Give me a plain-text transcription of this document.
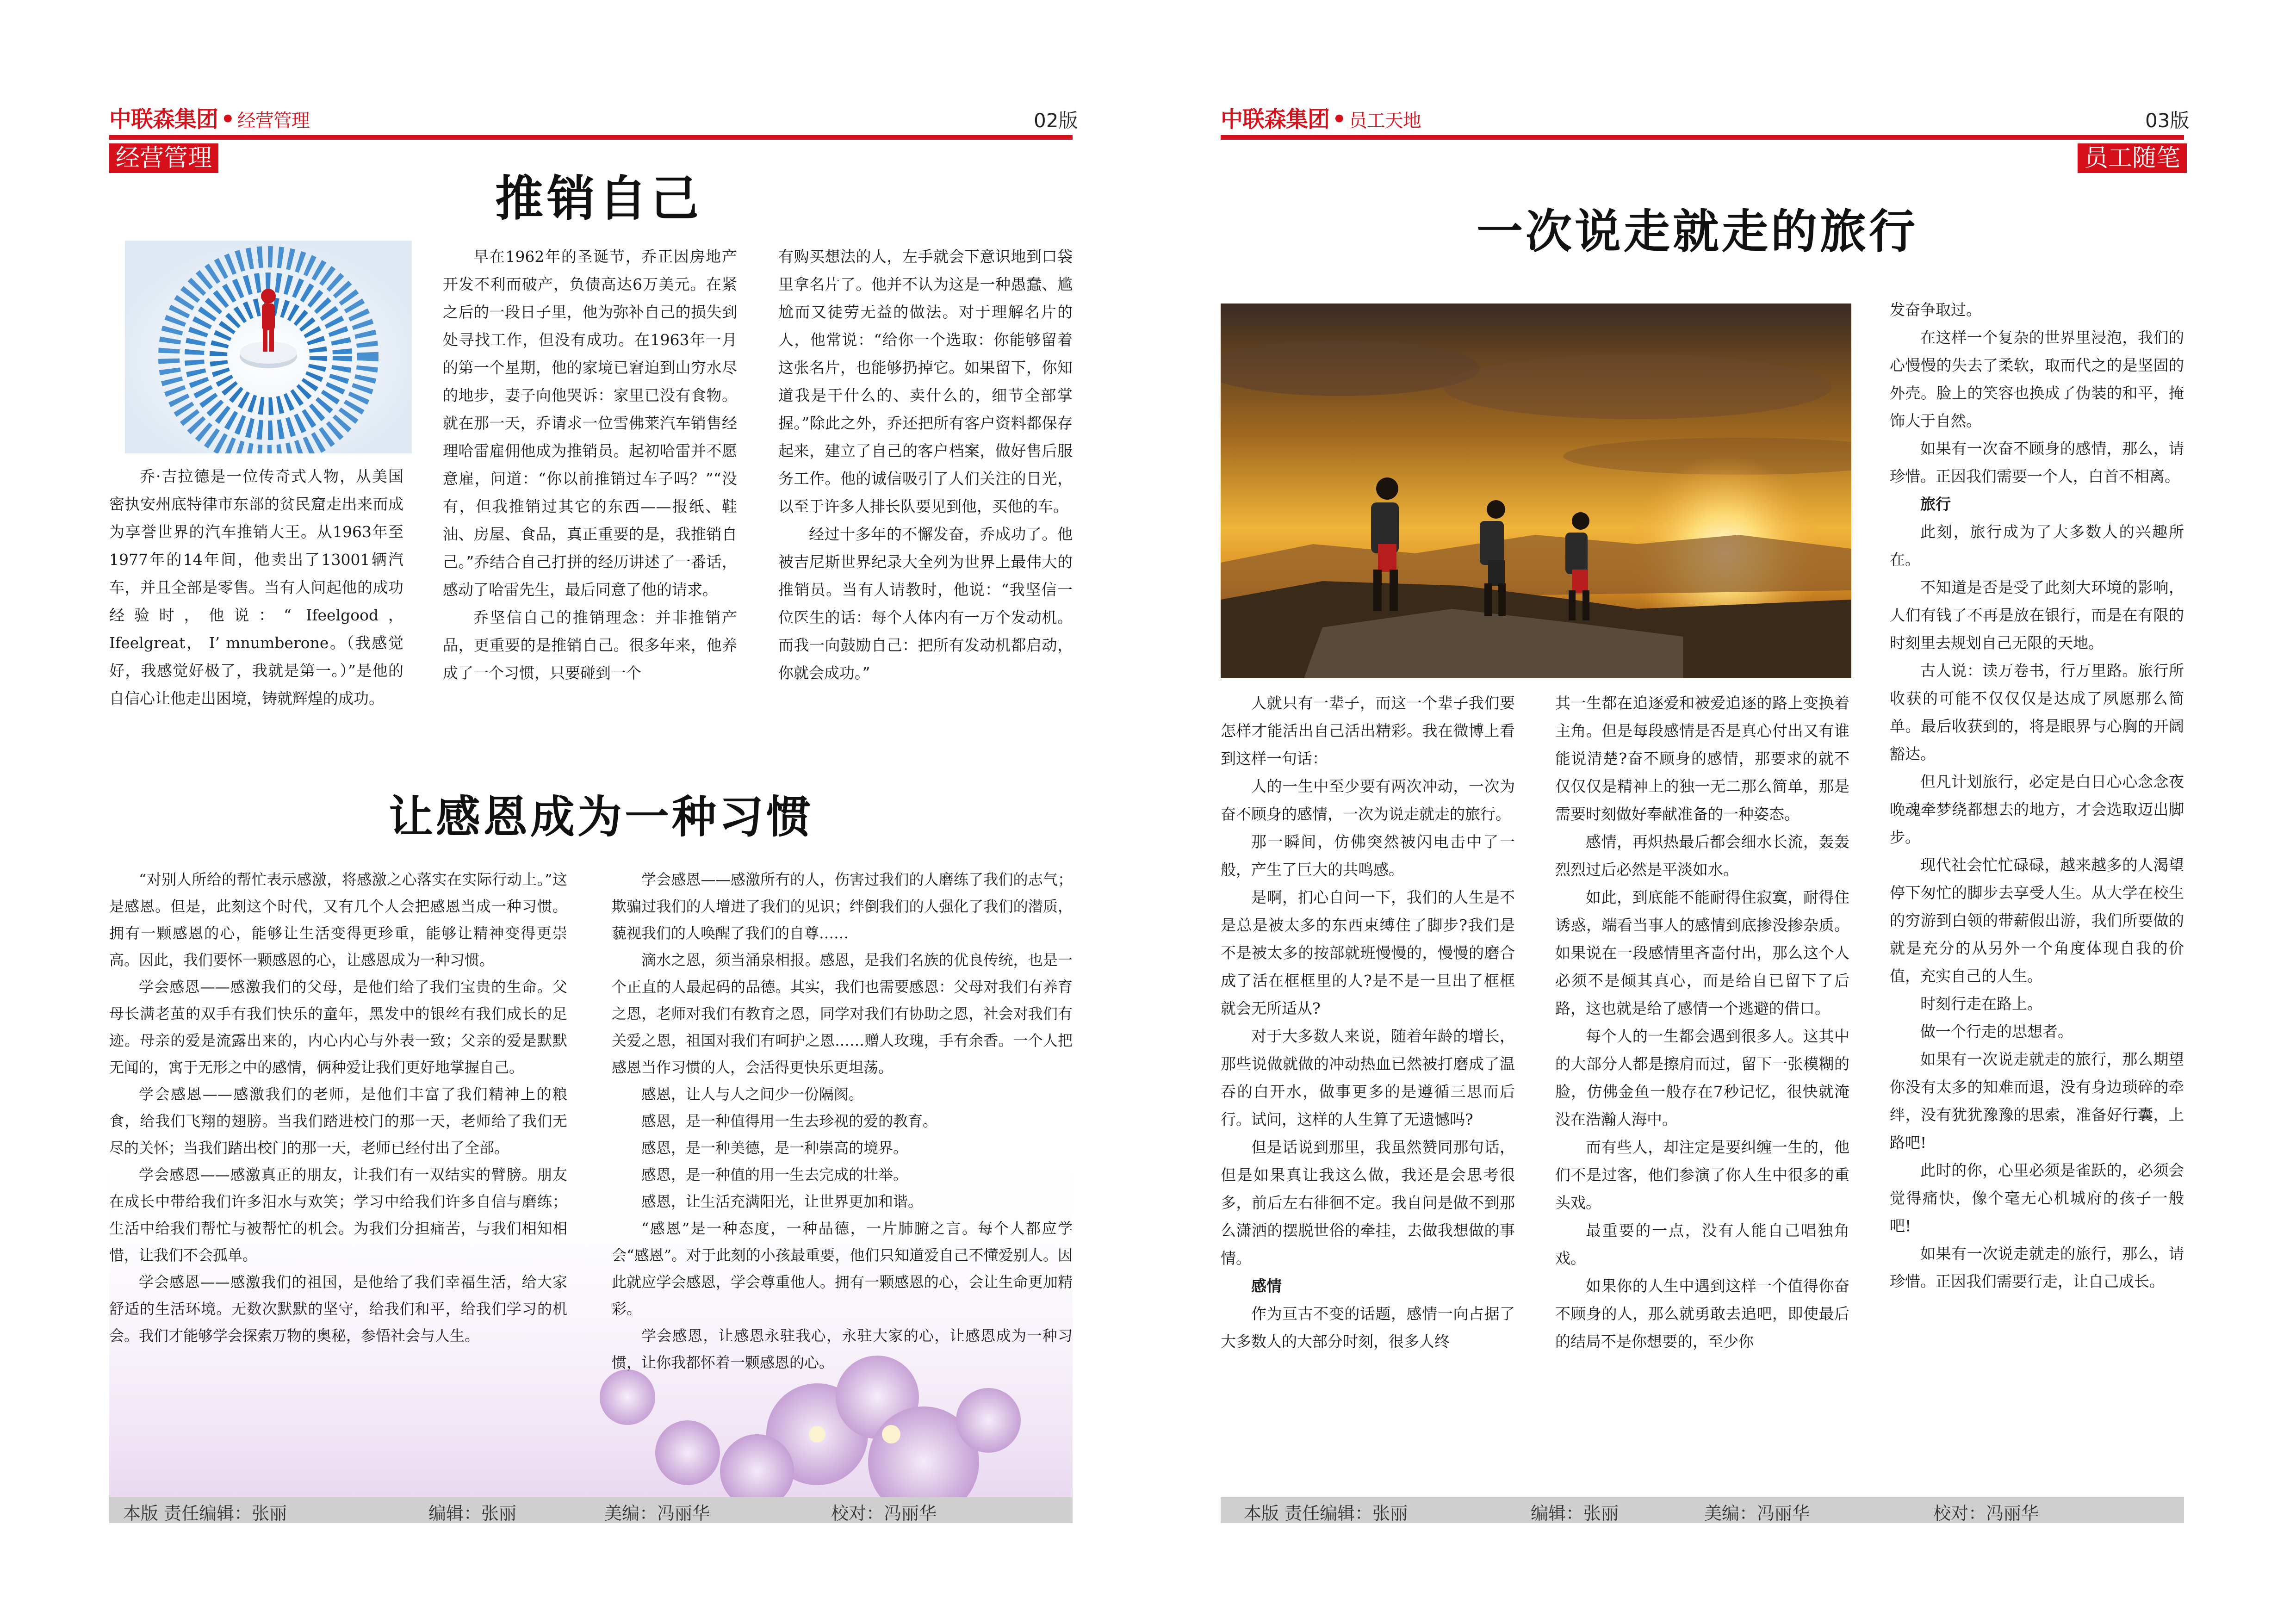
中联森集团 • 经营管理	02版
经营管理
推销自己

乔·吉拉德是一位传奇式人物，从美国密执安州底特律市东部的贫民窟走出来而成为享誉世界的汽车推销大王。从1963年至1977年的14年间，他卖出了13001辆汽车，并且全部是零售。当有人问起他的成功经验时，他说：“ Ifeelgood， Ifeelgreat， I’ mnumberone。（我感觉好，我感觉好极了，我就是第一。）”是他的自信心让他走出困境，铸就辉煌的成功。

早在1962年的圣诞节，乔正因房地产开发不利而破产，负债高达6万美元。在紧之后的一段日子里，他为弥补自己的损失到处寻找工作，但没有成功。在1963年一月的第一个星期，他的家境已窘迫到山穷水尽的地步，妻子向他哭诉：家里已没有食物。就在那一天，乔请求一位雪佛莱汽车销售经理哈雷雇佣他成为推销员。起初哈雷并不愿意雇，问道：“你以前推销过车子吗？”“没有，但我推销过其它的东西——报纸、鞋油、房屋、食品，真正重要的是，我推销自己。”乔结合自己打拼的经历讲述了一番话，感动了哈雷先生，最后同意了他的请求。

乔坚信自己的推销理念：并非推销产品，更重要的是推销自己。很多年来，他养成了一个习惯，只要碰到一个

有购买想法的人，左手就会下意识地到口袋里拿名片了。他并不认为这是一种愚蠢、尴尬而又徒劳无益的做法。对于理解名片的人，他常说：“给你一个选取：你能够留着这张名片，也能够扔掉它。如果留下，你知道我是干什么的、卖什么的，细节全部掌握。”除此之外，乔还把所有客户资料都保存起来，建立了自己的客户档案，做好售后服务工作。他的诚信吸引了人们关注的目光，以至于许多人排长队要见到他，买他的车。

经过十多年的不懈发奋，乔成功了。他被吉尼斯世界纪录大全列为世界上最伟大的推销员。当有人请教时，他说：“我坚信一位医生的话：每个人体内有一万个发动机。而我一向鼓励自己：把所有发动机都启动，你就会成功。”

让感恩成为一种习惯

“对别人所给的帮忙表示感激，将感激之心落实在实际行动上。”这是感恩。但是，此刻这个时代，又有几个人会把感恩当成一种习惯。拥有一颗感恩的心，能够让生活变得更珍重，能够让精神变得更崇高。因此，我们要怀一颗感恩的心，让感恩成为一种习惯。

学会感恩——感激我们的父母，是他们给了我们宝贵的生命。父母长满老茧的双手有我们快乐的童年，黑发中的银丝有我们成长的足迹。母亲的爱是流露出来的，内心内心与外表一致；父亲的爱是默默无闻的，寓于无形之中的感情，俩种爱让我们更好地掌握自己。

学会感恩——感激我们的老师，是他们丰富了我们精神上的粮食，给我们飞翔的翅膀。当我们踏进校门的那一天，老师给了我们无尽的关怀；当我们踏出校门的那一天，老师已经付出了全部。

学会感恩——感激真正的朋友，让我们有一双结实的臂膀。朋友在成长中带给我们许多泪水与欢笑；学习中给我们许多自信与磨练；生活中给我们帮忙与被帮忙的机会。为我们分担痛苦，与我们相知相惜，让我们不会孤单。

学会感恩——感激我们的祖国，是他给了我们幸福生活，给大家舒适的生活环境。无数次默默的坚守，给我们和平，给我们学习的机会。我们才能够学会探索万物的奥秘，参悟社会与人生。

学会感恩——感激所有的人，伤害过我们的人磨练了我们的志气；欺骗过我们的人增进了我们的见识；绊倒我们的人强化了我们的潜质，藐视我们的人唤醒了我们的自尊……

滴水之恩，须当涌泉相报。感恩，是我们名族的优良传统，也是一个正直的人最起码的品德。其实，我们也需要感恩：父母对我们有养育之恩，老师对我们有教育之恩，同学对我们有协助之恩，社会对我们有关爱之恩，祖国对我们有呵护之恩……赠人玫瑰，手有余香。一个人把感恩当作习惯的人，会活得更快乐更坦荡。

感恩，让人与人之间少一份隔阂。

感恩，是一种值得用一生去珍视的爱的教育。

感恩，是一种美德，是一种崇高的境界。

感恩，是一种值的用一生去完成的壮举。

感恩，让生活充满阳光，让世界更加和谐。

“感恩”是一种态度，一种品德，一片肺腑之言。每个人都应学会“感恩”。对于此刻的小孩最重要，他们只知道爱自己不懂爱别人。因此就应学会感恩，学会尊重他人。拥有一颗感恩的心，会让生命更加精彩。

学会感恩，让感恩永驻我心，永驻大家的心，让感恩成为一种习惯，让你我都怀着一颗感恩的心。

本版 责任编辑：张丽	编辑：张丽	美编：冯丽华	校对：冯丽华
中联森集团 • 员工天地	03版
员工随笔
一次说走就走的旅行

人就只有一辈子，而这一个辈子我们要怎样才能活出自己活出精彩。我在微博上看到这样一句话：

人的一生中至少要有两次冲动，一次为奋不顾身的感情，一次为说走就走的旅行。

那一瞬间，仿佛突然被闪电击中了一般，产生了巨大的共鸣感。

是啊，扪心自问一下，我们的人生是不是总是被太多的东西束缚住了脚步?我们是不是被太多的按部就班慢慢的，慢慢的磨合成了活在框框里的人?是不是一旦出了框框就会无所适从?

对于大多数人来说，随着年龄的增长，那些说做就做的冲动热血已然被打磨成了温吞的白开水，做事更多的是遵循三思而后行。试问，这样的人生算了无遗憾吗?

但是话说到那里，我虽然赞同那句话，但是如果真让我这么做，我还是会思考很多，前后左右徘徊不定。我自问是做不到那么潇洒的摆脱世俗的牵挂，去做我想做的事情。

感情

作为亘古不变的话题，感情一向占据了大多数人的大部分时刻，很多人终

其一生都在追逐爱和被爱追逐的路上变换着主角。但是每段感情是否是真心付出又有谁能说清楚?奋不顾身的感情，那要求的就不仅仅仅是精神上的独一无二那么简单，那是需要时刻做好奉献准备的一种姿态。

感情，再炽热最后都会细水长流，轰轰烈烈过后必然是平淡如水。

如此，到底能不能耐得住寂寞，耐得住诱惑，端看当事人的感情到底掺没掺杂质。如果说在一段感情里吝啬付出，那么这个人必须不是倾其真心，而是给自已留下了后路，这也就是给了感情一个逃避的借口。

每个人的一生都会遇到很多人。这其中的大部分人都是擦肩而过，留下一张模糊的脸，仿佛金鱼一般存在7秒记忆，很快就淹没在浩瀚人海中。

而有些人，却注定是要纠缠一生的，他们不是过客，他们参演了你人生中很多的重头戏。

最重要的一点，没有人能自己唱独角戏。

如果你的人生中遇到这样一个值得你奋不顾身的人，那么就勇敢去追吧，即使最后的结局不是你想要的，至少你

发奋争取过。

在这样一个复杂的世界里浸泡，我们的心慢慢的失去了柔软，取而代之的是坚固的外壳。脸上的笑容也换成了伪装的和平，掩饰大于自然。

如果有一次奋不顾身的感情，那么，请珍惜。正因我们需要一个人，白首不相离。

旅行

此刻，旅行成为了大多数人的兴趣所在。

不知道是否是受了此刻大环境的影响，人们有钱了不再是放在银行，而是在有限的时刻里去规划自己无限的天地。

古人说：读万卷书，行万里路。旅行所收获的可能不仅仅仅是达成了夙愿那么简单。最后收获到的，将是眼界与心胸的开阔豁达。

但凡计划旅行，必定是白日心心念念夜晚魂牵梦绕都想去的地方，才会选取迈出脚步。

现代社会忙忙碌碌，越来越多的人渴望停下匆忙的脚步去享受人生。从大学在校生的穷游到白领的带薪假出游，我们所要做的就是充分的从另外一个角度体现自我的价值，充实自己的人生。

时刻行走在路上。

做一个行走的思想者。

如果有一次说走就走的旅行，那么期望你没有太多的知难而退，没有身边琐碎的牵绊，没有犹犹豫豫的思索，准备好行囊，上路吧!

此时的你，心里必须是雀跃的，必须会觉得痛快，像个毫无心机城府的孩子一般吧!

如果有一次说走就走的旅行，那么，请珍惜。正因我们需要行走，让自己成长。

本版 责任编辑：张丽	编辑：张丽	美编：冯丽华	校对：冯丽华
